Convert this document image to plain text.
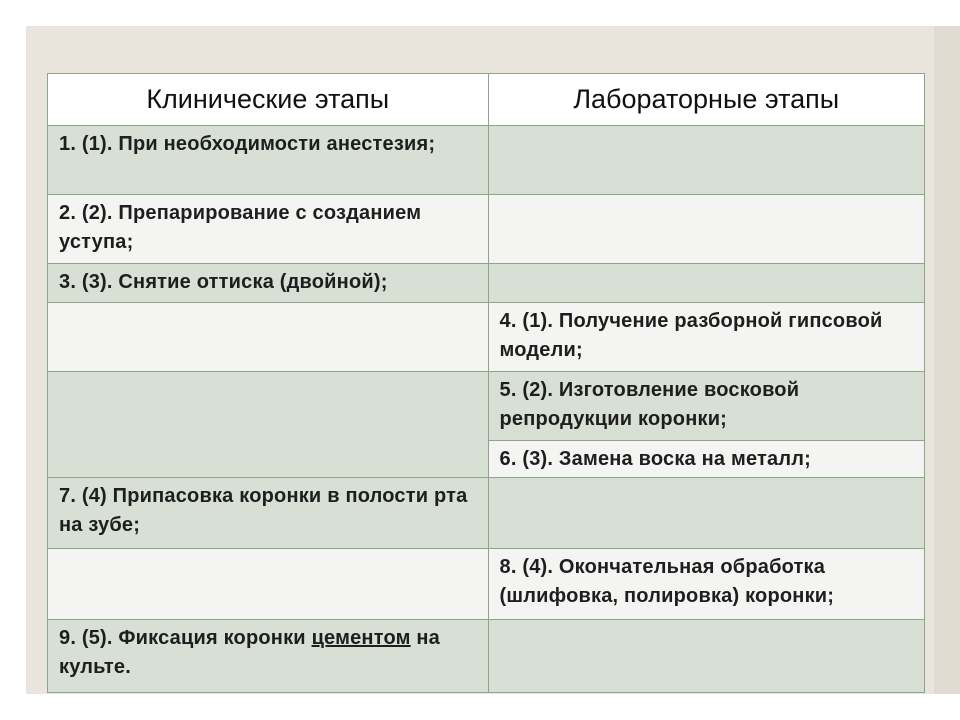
Клинические этапы	Лабораторные этапы
1. (1). При необходимости анестезия;	
2. (2). Препарирование с созданием уступа;	
3. (3). Снятие оттиска (двойной);	
	4. (1). Получение разборной гипсовой модели;
	5. (2). Изготовление восковой репродукции коронки;
	6. (3). Замена воска на металл;
7. (4) Припасовка коронки в полости рта на зубе;	
	8. (4). Окончательная обработка (шлифовка, полировка) коронки;
9. (5). Фиксация коронки цементом на культе.	
